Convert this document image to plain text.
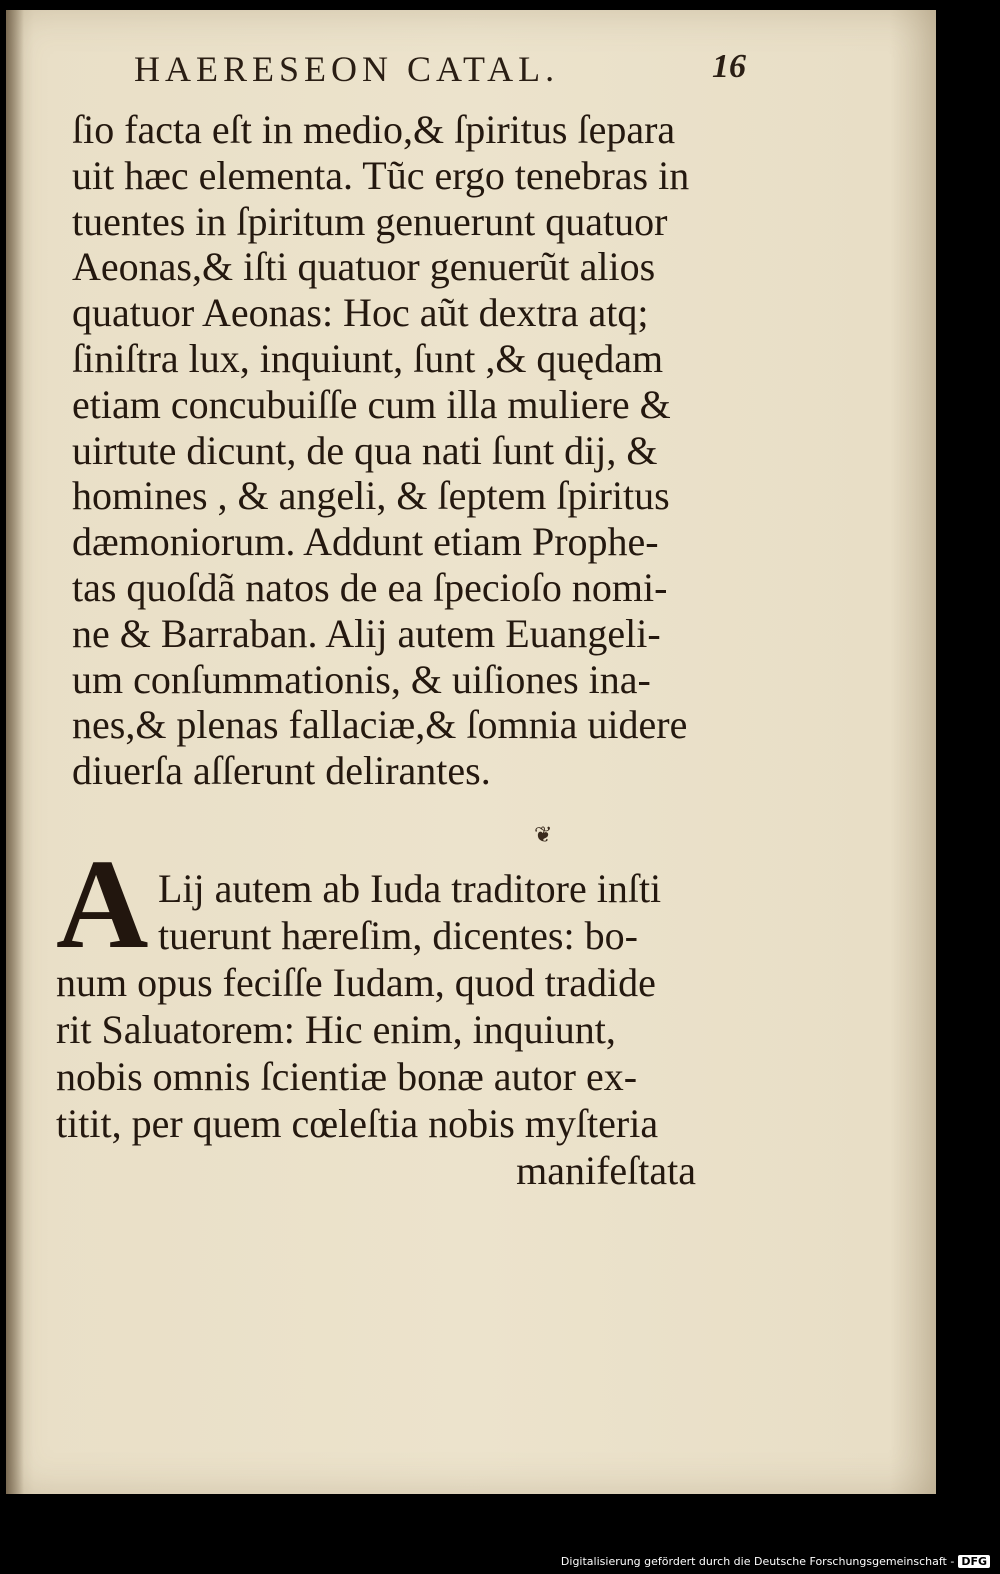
HAERESEON CATAL.	16
ſio facta eſt in medio,& ſpiritus ſepara
uit hæc elementa. Tũc ergo tenebras in
tuentes in ſpiritum genuerunt quatuor
Aeonas,& iſti quatuor genuerũt alios
quatuor Aeonas: Hoc aũt dextra atq;
ſiniſtra lux, inquiunt, ſunt ,& quędam
etiam concubuiſſe cum illa muliere &
uirtute dicunt, de qua nati ſunt dij, &
homines , & angeli, & ſeptem ſpiritus
dæmoniorum. Addunt etiam Prophe-
tas quoſdã natos de ea ſpecioſo nomi-
ne & Barraban. Alij autem Euangeli-
um conſummationis, & uiſiones ina-
nes,& plenas fallaciæ,& ſomnia uidere
diuerſa aſſerunt delirantes.
❦
A Lij autem ab Iuda traditore inſti
tuerunt hæreſim, dicentes: bo-
num opus feciſſe Iudam, quod tradide
rit Saluatorem: Hic enim, inquiunt,
nobis omnis ſcientiæ bonæ autor ex-
titit, per quem cœleſtia nobis myſteria
manifeſtata
Digitalisierung gefördert durch die Deutsche Forschungsgemeinschaft - DFG
